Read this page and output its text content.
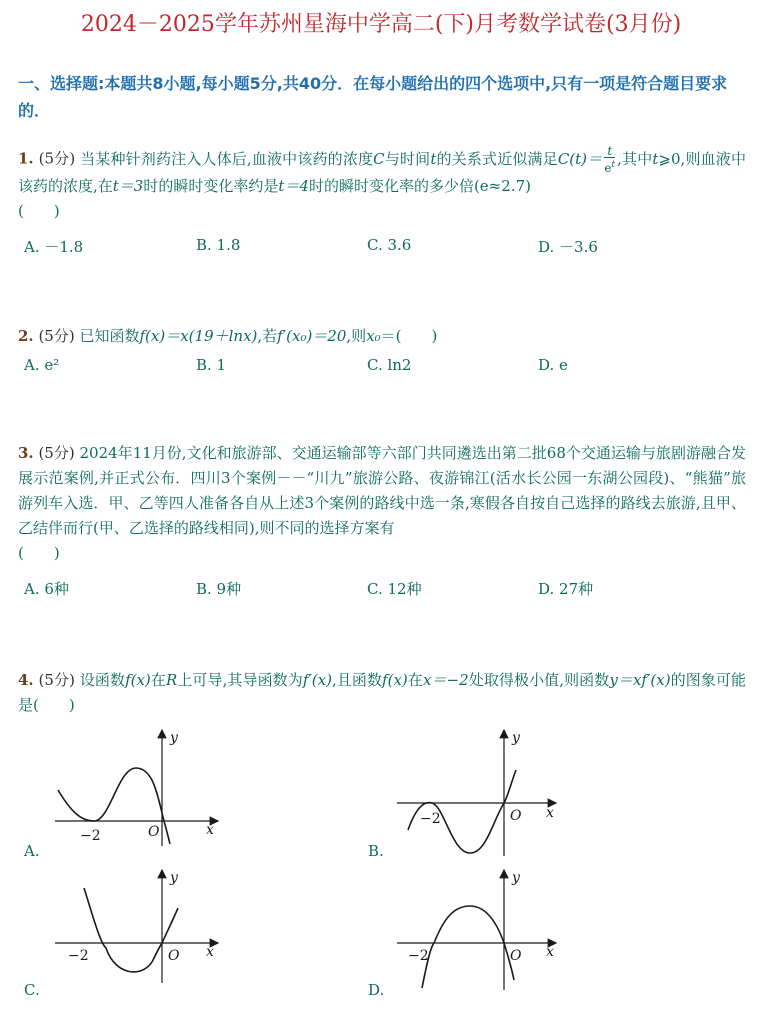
2024－2025学年苏州星海中学高二(下)月考数学试卷(3月份)
一、选择题:本题共8小题,每小题5分,共40分．在每小题给出的四个选项中,只有一项是符合题目要求的．
1. (5分) 当某种针剂药注入人体后,血液中该药的浓度C与时间t的关系式近似满足$C(t)= \frac{t}{e^t}$ ,其中t⩾0,则血液中该药的浓度,在t＝3时的瞬时变化率约是t＝4时的瞬时变化率的多少倍(e≈2.7)
(　　)
A. －1.8	B. 1.8	C. 3.6	D. －3.6
2. (5分) 已知函数f(x)＝x(19＋lnx),若f′(x₀)＝20,则x₀＝(　　)
A. e²	B. 1	C. ln2	D. e
3. (5分) 2024年11月份,文化和旅游部、交通运输部等六部门共同遴选出第二批68个交通运输与旅剧游融合发展示范案例,并正式公布．四川3个案例－－“川九”旅游公路、夜游锦江(活水长公园一东湖公园段)、“熊猫”旅游列车入选．甲、乙等四人准备各自从上述3个案例的路线中选一条,寒假各自按自己选择的路线去旅游,且甲、乙结伴而行(甲、乙选择的路线相同),则不同的选择方案有
(　　)
A. 6种	B. 9种	C. 12种	D. 27种
4. (5分) 设函数f(x)在R上可导,其导函数为f′(x),且函数f(x)在x＝−2处取得极小值,则函数y＝xf′(x)的图象可能是(　　)
−2	O	x
y
A.
−2	O x
y
B.
−2	O x
y
C.
−2	O x
y
D.
